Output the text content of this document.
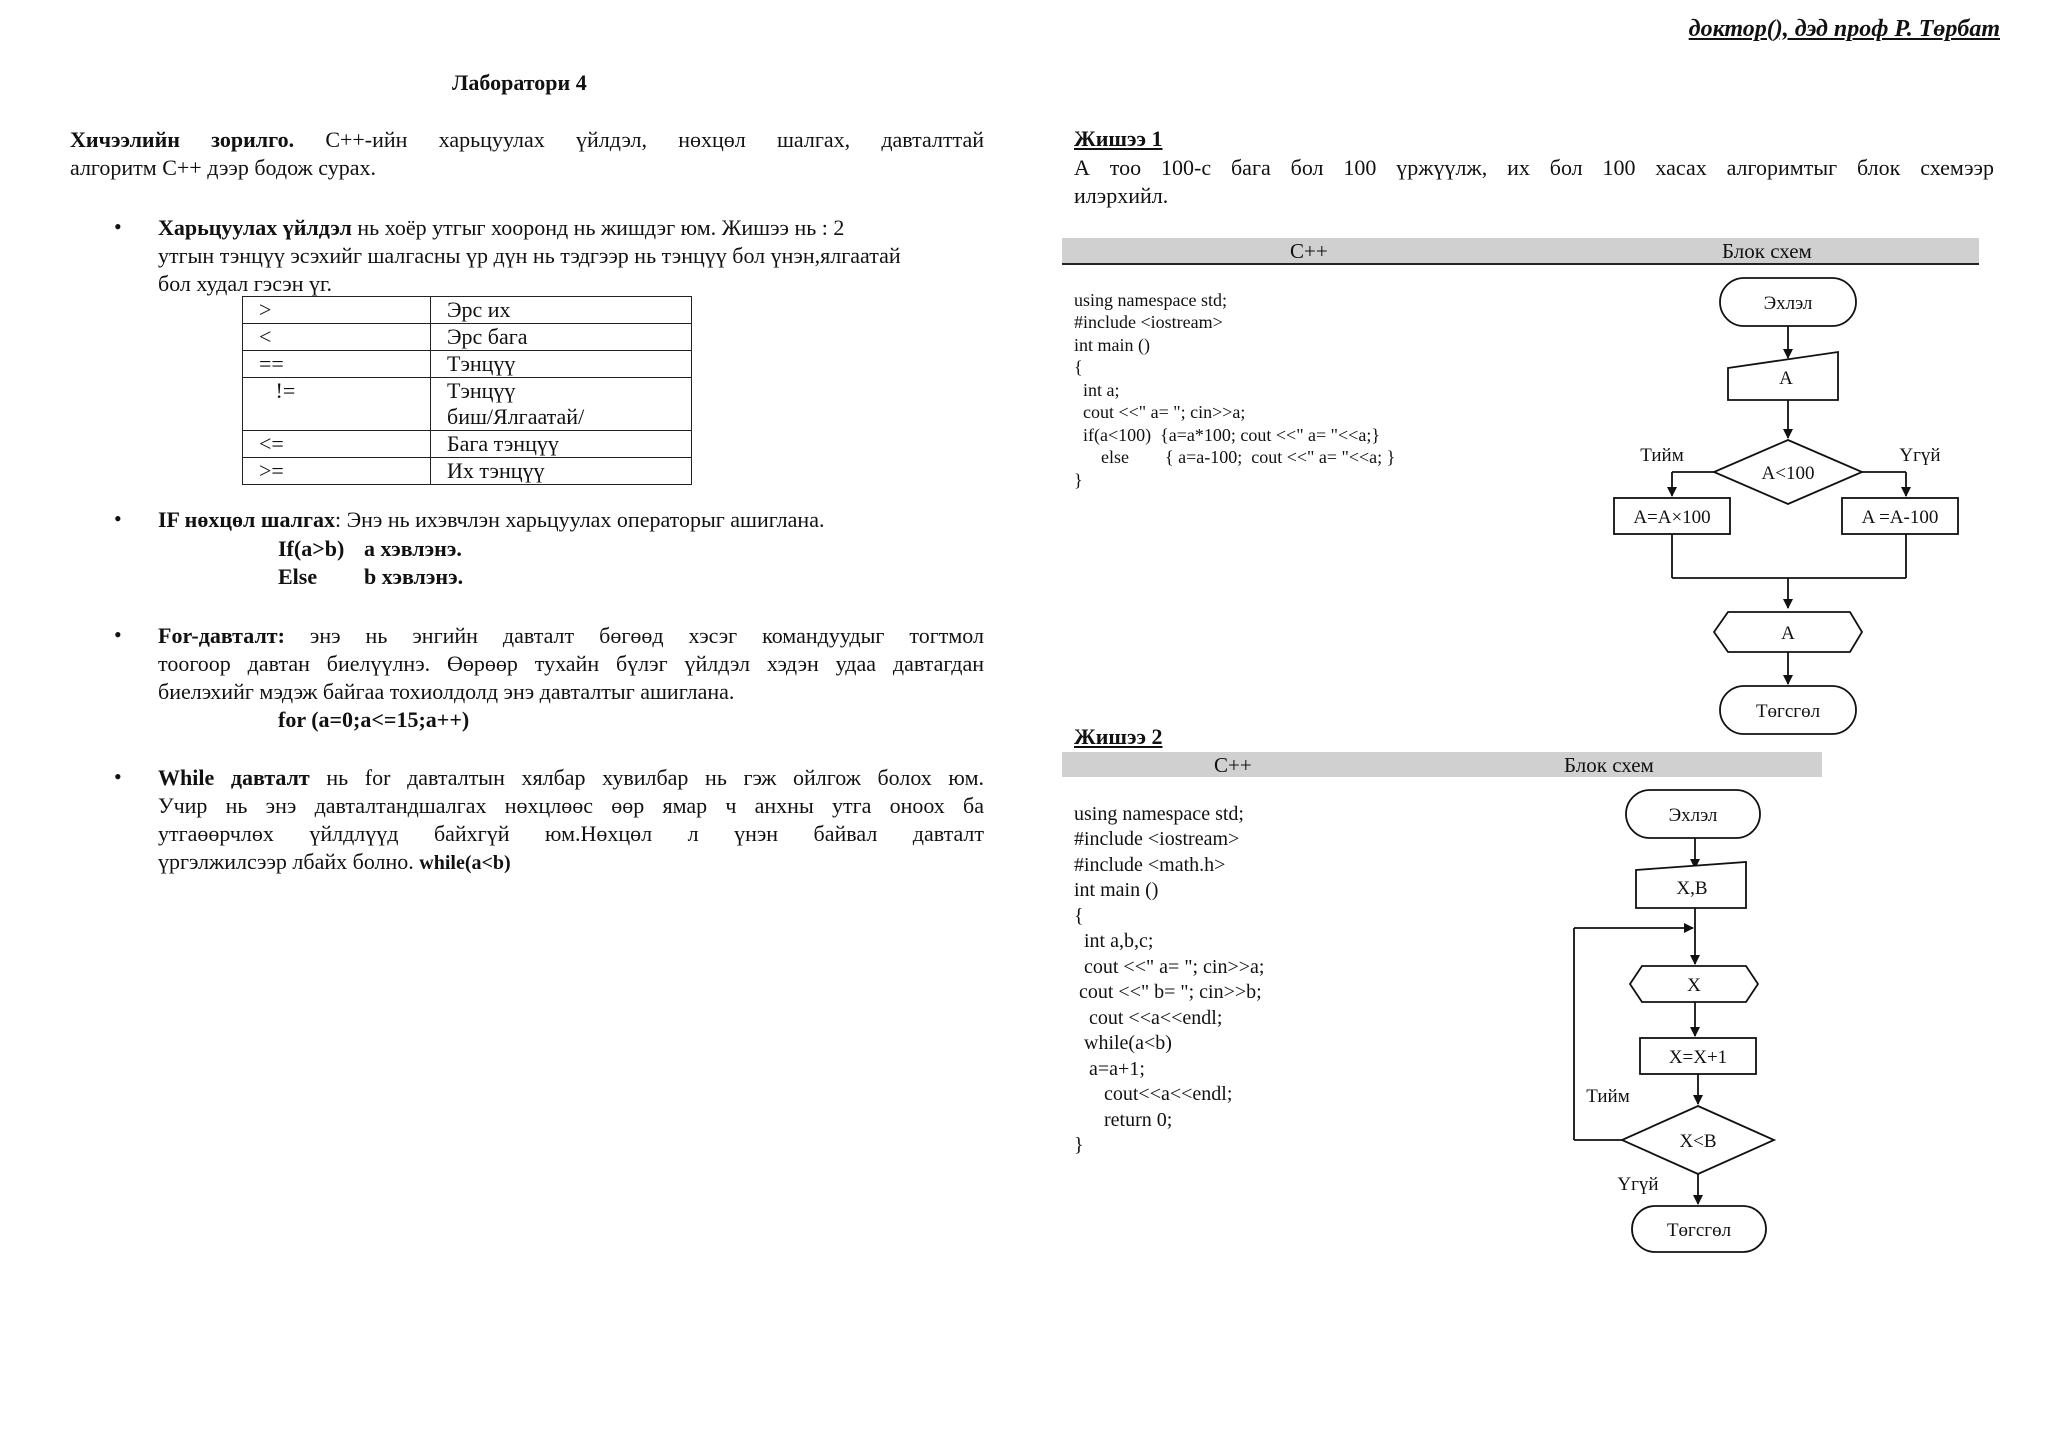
доктор(), дэд проф Р. Төрбат
Лаборатори 4
Хичээлийн зорилго. C++-ийн харьцуулах үйлдэл, нөхцөл шалгах, давталттай
алгоритм C++ дээр бодож сурах.
• Харьцуулах үйлдэл нь хоёр утгыг хооронд нь жишдэг юм. Жишээ нь : 2
утгын тэнцүү эсэхийг шалгасны үр дүн нь тэдгээр нь тэнцүү бол үнэн,ялгаатай
бол худал гэсэн үг.
>	Эрс их
<	Эрс бага
==	Тэнцүү
!=	Тэнцүү
биш/Ялгаатай/

<=	Бага тэнцүү
>=	Их тэнцүү
• IF нөхцөл шалгах: Энэ нь ихэвчлэн харьцуулах операторыг ашиглана.
If(a>b) a хэвлэнэ.
Else b хэвлэнэ.
• For-давталт: энэ нь энгийн давталт бөгөөд хэсэг командуудыг тогтмол
тоогоор давтан биелүүлнэ. Өөрөөр тухайн бүлэг үйлдэл хэдэн удаа давтагдан
биелэхийг мэдэж байгаа тохиолдолд энэ давталтыг ашиглана.
for (a=0;a<=15;a++)
• While давталт нь for давталтын хялбар хувилбар нь гэж ойлгож болох юм.
Учир нь энэ давталтандшалгах нөхцлөөс өөр ямар ч анхны утга оноох ба
утгаөөрчлөх үйлдлүүд байхгүй юм.Нөхцөл л үнэн байвал давталт
үргэлжилсээр лбайх болно. while(a<b)
Жишээ 1
А тоо 100-с бага бол 100 үржүүлж, их бол 100 хасах алгоримтыг блок схемээр
илэрхийл.
C++	Блок схем

using namespace std;
#include <iostream>
int main ()
{
int a;
cout <<" a= "; cin>>a;
if(a<100)  {a=a*100; cout <<" a= "<<a;}
else        { a=a-100;  cout <<" a= "<<a; }
}

Эхлэл
A
A<100
Тийм	Үгүй
A=A×100	A =A-100
A
Төгсгөл
Жишээ 2
C++	Блок схем

using namespace std;
#include <iostream>
#include <math.h>
int main ()
{
int a,b,c;
cout <<" a= "; cin>>a;
cout <<" b= "; cin>>b;
cout <<a<<endl;
while(a<b)
a=a+1;
cout<<a<<endl;
return 0;
}

Эхлэл
X,B
X
X=X+1
X<B
Тийм
Үгүй
Төгсгөл
